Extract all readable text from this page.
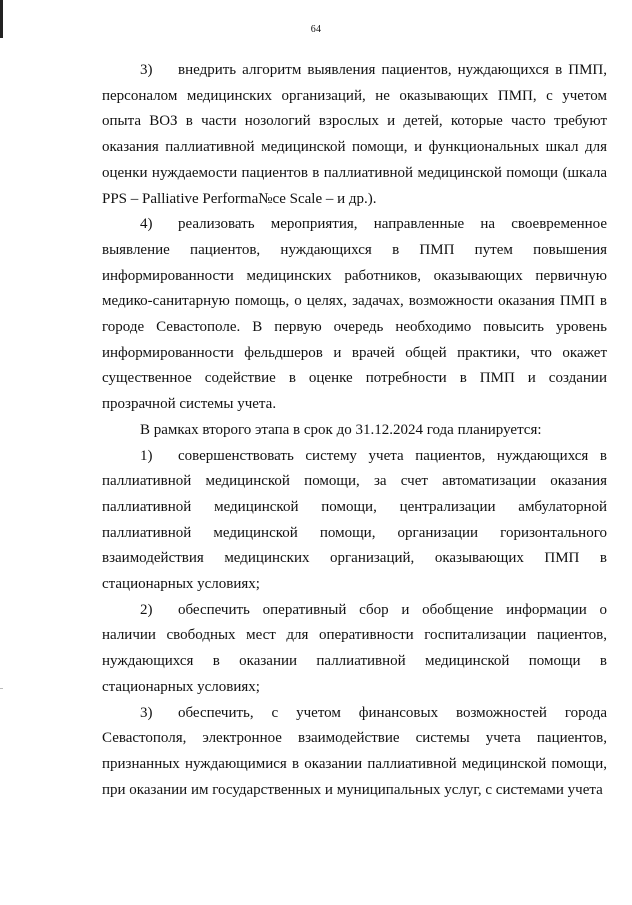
64

3) внедрить алгоритм выявления пациентов, нуждающихся в ПМП, персоналом медицинских организаций, не оказывающих ПМП, с учетом опыта ВОЗ в части нозологий взрослых и детей, которые часто требуют оказания паллиативной медицинской помощи, и функциональных шкал для оценки нуждаемости пациентов в паллиативной медицинской помощи (шкала PPS – Palliative Performa№ce Scale – и др.).

4) реализовать мероприятия, направленные на своевременное выявление пациентов, нуждающихся в ПМП путем повышения информированности медицинских работников, оказывающих первичную медико-санитарную помощь, о целях, задачах, возможности оказания ПМП в городе Севастополе. В первую очередь необходимо повысить уровень информированности фельдшеров и врачей общей практики, что окажет существенное содействие в оценке потребности в ПМП и создании прозрачной системы учета.

В рамках второго этапа в срок до 31.12.2024 года планируется:

1) совершенствовать систему учета пациентов, нуждающихся в паллиативной медицинской помощи, за счет автоматизации оказания паллиативной медицинской помощи, централизации амбулаторной паллиативной медицинской помощи, организации горизонтального взаимодействия медицинских организаций, оказывающих ПМП в стационарных условиях;

2) обеспечить оперативный сбор и обобщение информации о наличии свободных мест для оперативности госпитализации пациентов, нуждающихся в оказании паллиативной медицинской помощи в стационарных условиях;

3) обеспечить, с учетом финансовых возможностей города Севастополя, электронное взаимодействие системы учета пациентов, признанных нуждающимися в оказании паллиативной медицинской помощи, при оказании им государственных и муниципальных услуг, с системами учета
